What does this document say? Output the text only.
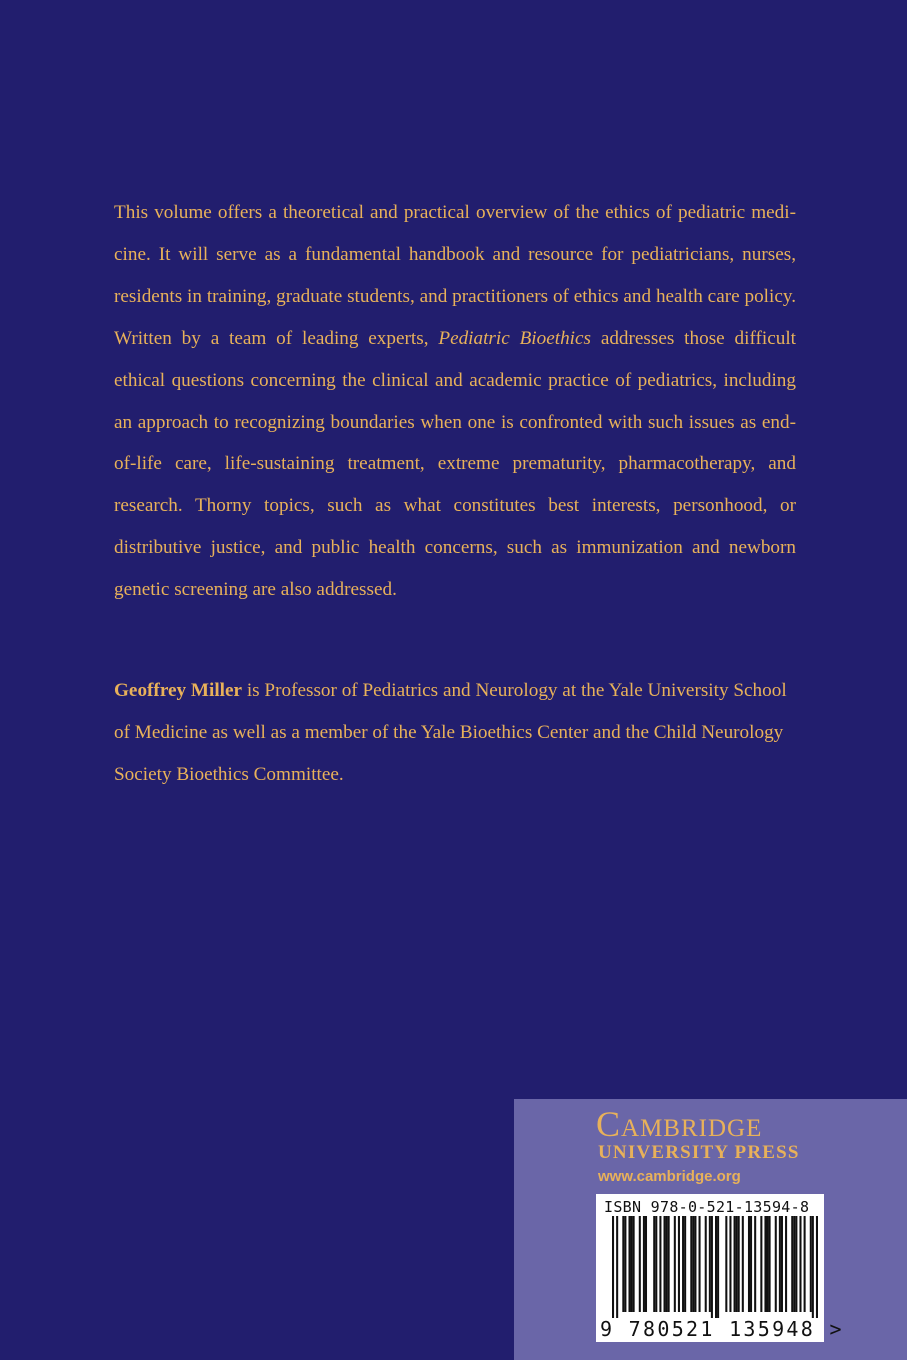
This volume offers a theoretical and practical overview of the ethics of pediatric medicine. It will serve as a fundamental handbook and resource for pediatricians, nurses, residents in training, graduate students, and practitioners of ethics and health care policy. Written by a team of leading experts, Pediatric Bioethics addresses those difficult ethical questions concerning the clinical and academic practice of pediatrics, including an approach to recognizing boundaries when one is confronted with such issues as end-of-life care, life-sustaining treatment, extreme prematurity, pharmacotherapy, and research. Thorny topics, such as what constitutes best interests, personhood, or distributive justice, and public health concerns, such as immunization and newborn genetic screening are also addressed.

Geoffrey Miller is Professor of Pediatrics and Neurology at the Yale University School of Medicine as well as a member of the Yale Bioethics Center and the Child Neurology Society Bioethics Committee.

Cambridge
UNIVERSITY PRESS
www.cambridge.org
ISBN 978-0-521-13594-8
9 780521 135948 >
